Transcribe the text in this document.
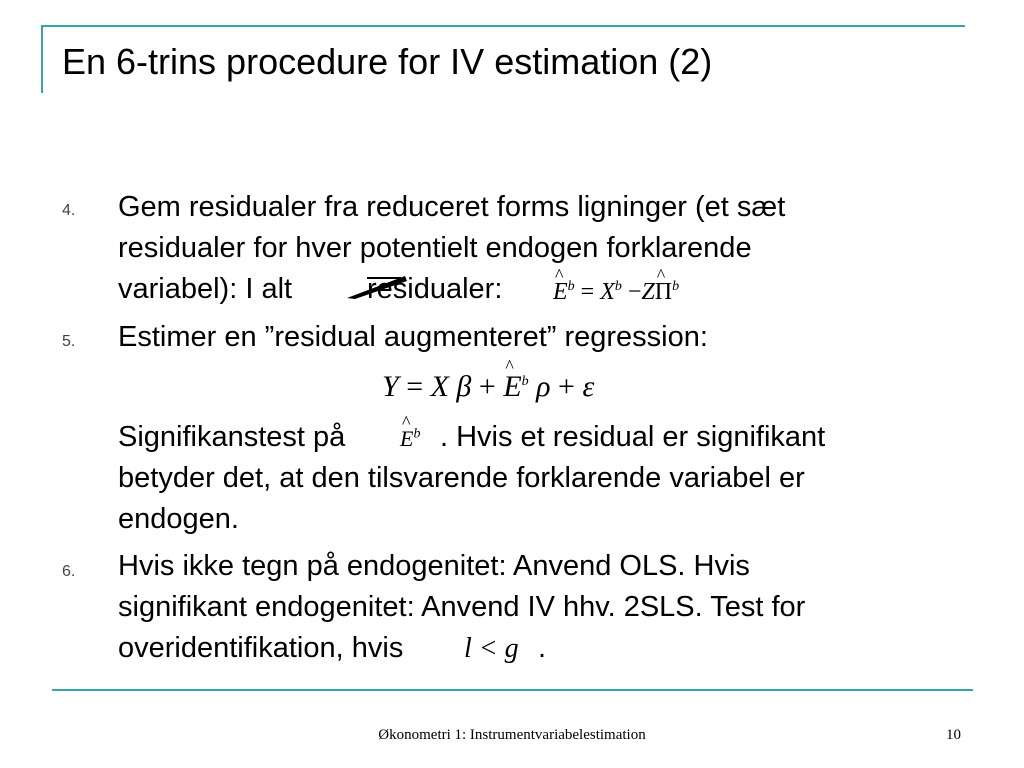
En 6-trins procedure for IV estimation (2)
4. Gem residualer fra reduceret forms ligninger (et sæt
residualer for hver potentielt endogen forklarende
variabel): I alt	residualer: ^ $E^b = X^b$ −Z^ $\Pi^b$
5. Estimer en ”residual augmenteret” regression:
Y = X β + ^ $E^b$ ρ + ε
Signifikanstest på ^ $E^b$ . Hvis et residual er signifikant
betyder det, at den tilsvarende forklarende variabel er
endogen.
6. Hvis ikke tegn på endogenitet: Anvend OLS. Hvis
signifikant endogenitet: Anvend IV hhv. 2SLS. Test for
overidentifikation, hvis l < g .
Økonometri 1: Instrumentvariabelestimation	10
